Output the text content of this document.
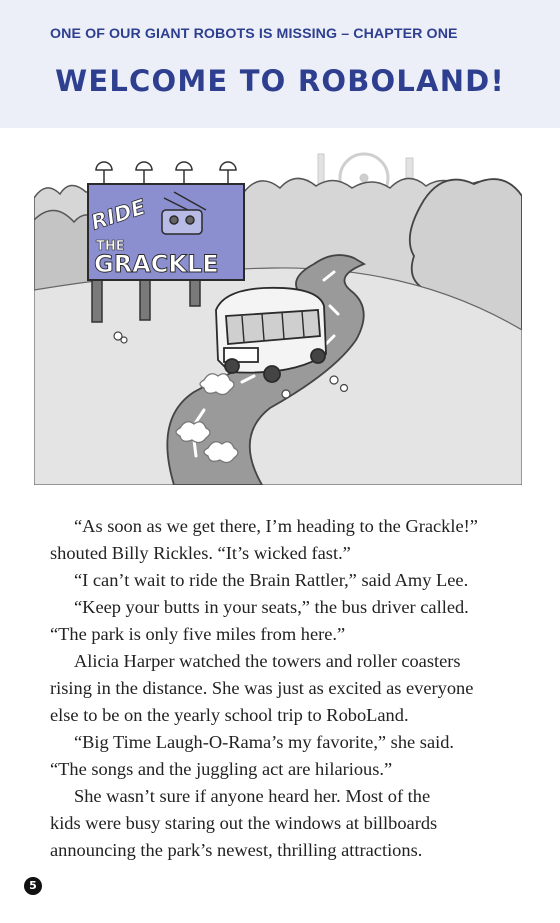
ONE OF OUR GIANT ROBOTS IS MISSING – CHAPTER ONE
WELCOME TO ROBOLAND!
RIDE
THE
GRACKLE

“As soon as we get there, I’m heading to the Grackle!”

shouted Billy Rickles. “It’s wicked fast.”

“I can’t wait to ride the Brain Rattler,” said Amy Lee.

“Keep your butts in your seats,” the bus driver called.

“The park is only five miles from here.”

Alicia Harper watched the towers and roller coasters

rising in the distance. She was just as excited as everyone

else to be on the yearly school trip to RoboLand.

“Big Time Laugh-O-Rama’s my favorite,” she said.

“The songs and the juggling act are hilarious.”

She wasn’t sure if anyone heard her. Most of the

kids were busy staring out the windows at billboards

announcing the park’s newest, thrilling attractions.

5
